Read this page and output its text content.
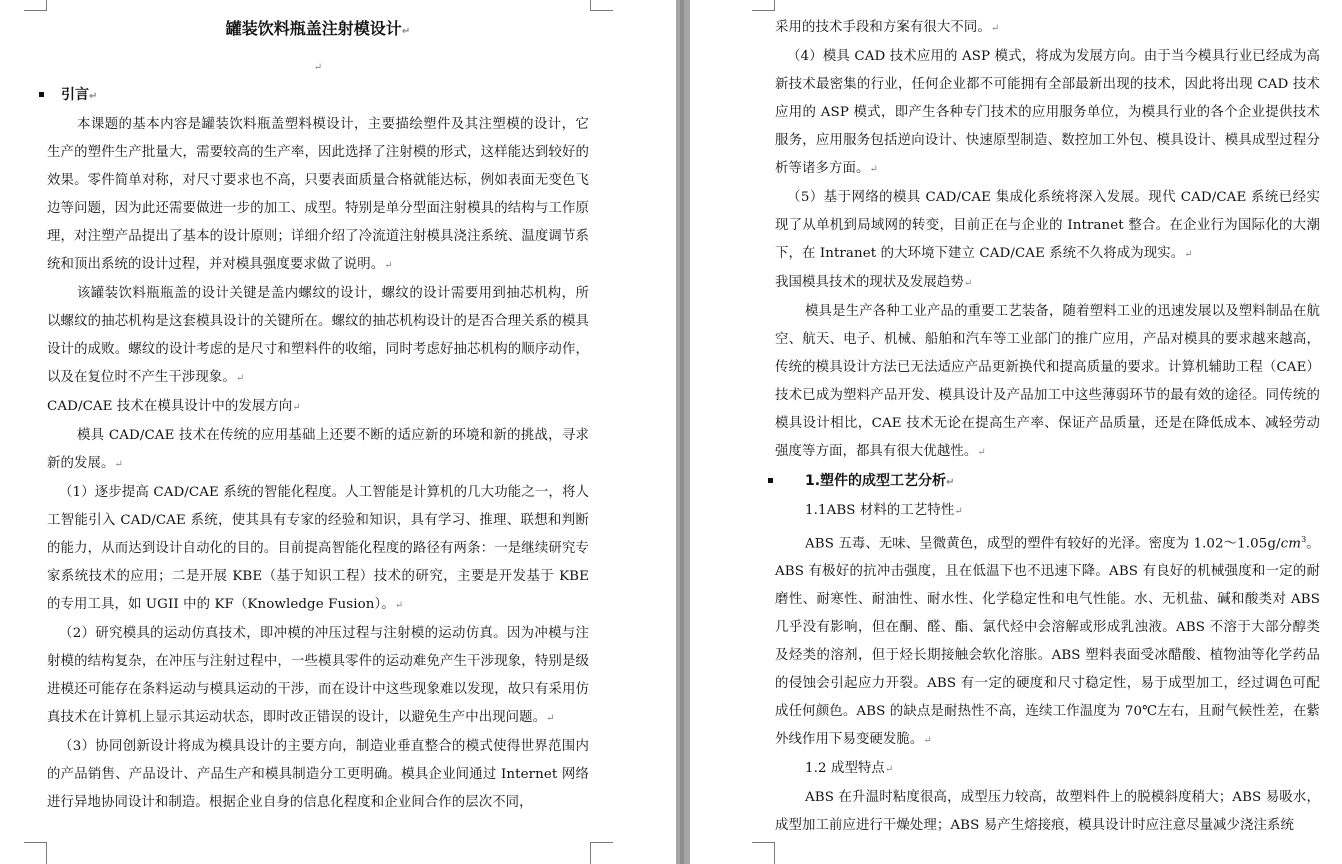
罐装饮料瓶盖注射模设计↵
↵
引言↵

本课题的基本内容是罐装饮料瓶盖塑料模设计，主要描绘塑件及其注塑模的设计，它生产的塑件生产批量大，需要较高的生产率，因此选择了注射模的形式，这样能达到较好的效果。零件简单对称，对尺寸要求也不高，只要表面质量合格就能达标，例如表面无变色飞边等问题，因为此还需要做进一步的加工、成型。特别是单分型面注射模具的结构与工作原理，对注塑产品提出了基本的设计原则；详细介绍了冷流道注射模具浇注系统、温度调节系统和顶出系统的设计过程，并对模具强度要求做了说明。↵

该罐装饮料瓶瓶盖的设计关键是盖内螺纹的设计，螺纹的设计需要用到抽芯机构，所以螺纹的抽芯机构是这套模具设计的关键所在。螺纹的抽芯机构设计的是否合理关系的模具设计的成败。螺纹的设计考虑的是尺寸和塑料件的收缩，同时考虑好抽芯机构的顺序动作，以及在复位时不产生干涉现象。↵

CAD/CAE 技术在模具设计中的发展方向↵

模具 CAD/CAE 技术在传统的应用基础上还要不断的适应新的环境和新的挑战，寻求新的发展。↵

（1）逐步提高 CAD/CAE 系统的智能化程度。人工智能是计算机的几大功能之一，将人工智能引入 CAD/CAE 系统，使其具有专家的经验和知识，具有学习、推理、联想和判断的能力，从而达到设计自动化的目的。目前提高智能化程度的路径有两条：一是继续研究专家系统技术的应用；二是开展 KBE（基于知识工程）技术的研究，主要是开发基于 KBE 的专用工具，如 UGII 中的 KF（Knowledge Fusion）。↵

（2）研究模具的运动仿真技术，即冲模的冲压过程与注射模的运动仿真。因为冲模与注射模的结构复杂，在冲压与注射过程中，一些模具零件的运动难免产生干涉现象，特别是级进模还可能存在条料运动与模具运动的干涉，而在设计中这些现象难以发现，故只有采用仿真技术在计算机上显示其运动状态，即时改正错误的设计，以避免生产中出现问题。↵

（3）协同创新设计将成为模具设计的主要方向，制造业垂直整合的模式使得世界范围内的产品销售、产品设计、产品生产和模具制造分工更明确。模具企业间通过 Internet 网络进行异地协同设计和制造。根据企业自身的信息化程度和企业间合作的层次不同，

采用的技术手段和方案有很大不同。↵

（4）模具 CAD 技术应用的 ASP 模式，将成为发展方向。由于当今模具行业已经成为高新技术最密集的行业，任何企业都不可能拥有全部最新出现的技术，因此将出现 CAD 技术应用的 ASP 模式，即产生各种专门技术的应用服务单位，为模具行业的各个企业提供技术服务，应用服务包括逆向设计、快速原型制造、数控加工外包、模具设计、模具成型过程分析等诸多方面。↵

（5）基于网络的模具 CAD/CAE 集成化系统将深入发展。现代 CAD/CAE 系统已经实现了从单机到局域网的转变，目前正在与企业的 Intranet 整合。在企业行为国际化的大潮下，在 Intranet 的大环境下建立 CAD/CAE 系统不久将成为现实。↵

我国模具技术的现状及发展趋势↵

模具是生产各种工业产品的重要工艺装备，随着塑料工业的迅速发展以及塑料制品在航空、航天、电子、机械、船舶和汽车等工业部门的推广应用，产品对模具的要求越来越高，传统的模具设计方法已无法适应产品更新换代和提高质量的要求。计算机辅助工程（CAE）技术已成为塑料产品开发、模具设计及产品加工中这些薄弱环节的最有效的途径。同传统的模具设计相比，CAE 技术无论在提高生产率、保证产品质量，还是在降低成本、减轻劳动强度等方面，都具有很大优越性。↵

1.塑件的成型工艺分析↵

1.1ABS 材料的工艺特性↵

ABS 五毒、无味、呈微黄色，成型的塑件有较好的光泽。密度为 $1.02\sim 1.05g/cm^3$。

ABS 有极好的抗冲击强度，且在低温下也不迅速下降。ABS 有良好的机械强度和一定的耐磨性、耐寒性、耐油性、耐水性、化学稳定性和电气性能。水、无机盐、碱和酸类对 ABS 几乎没有影响，但在酮、醛、酯、氯代烃中会溶解或形成乳浊液。ABS 不溶于大部分醇类及烃类的溶剂，但于烃长期接触会软化溶胀。ABS 塑料表面受冰醋酸、植物油等化学药品的侵蚀会引起应力开裂。ABS 有一定的硬度和尺寸稳定性，易于成型加工，经过调色可配成任何颜色。ABS 的缺点是耐热性不高，连续工作温度为 70℃左右，且耐气候性差，在紫外线作用下易变硬发脆。↵

1.2 成型特点↵

ABS 在升温时粘度很高，成型压力较高，故塑料件上的脱模斜度稍大；ABS 易吸水，成型加工前应进行干燥处理；ABS 易产生熔接痕，模具设计时应注意尽量减少浇注系统
